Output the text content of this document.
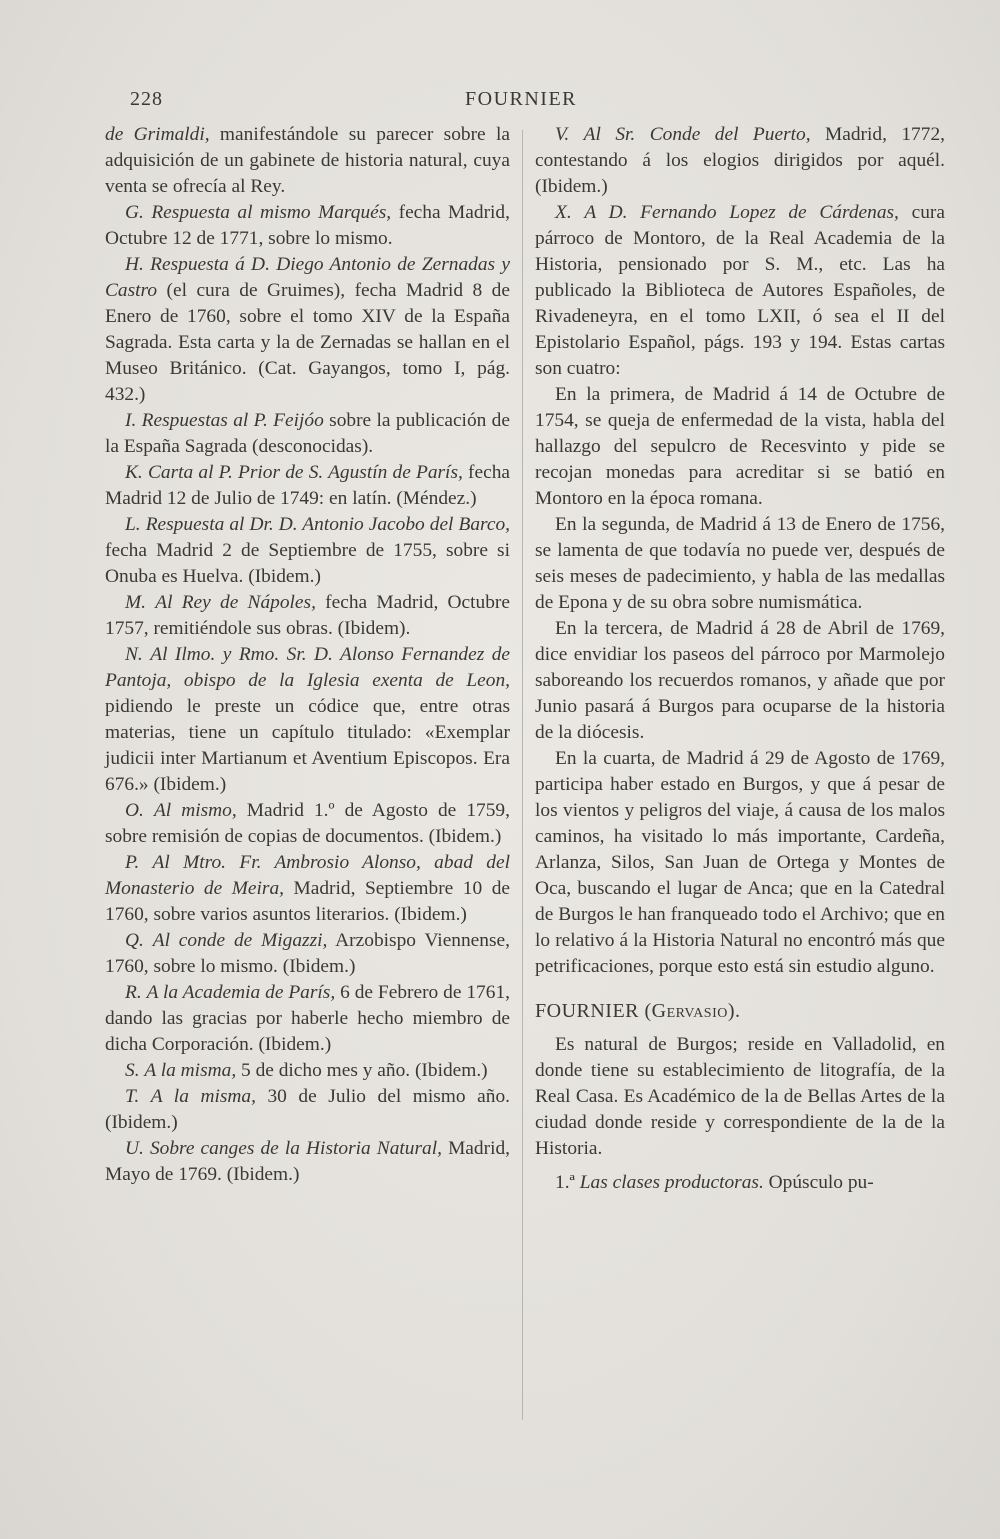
228	FOURNIER

de Grimaldi, manifestándole su parecer sobre la adquisición de un gabinete de historia natural, cuya venta se ofrecía al Rey.

G. Respuesta al mismo Marqués, fecha Madrid, Octubre 12 de 1771, sobre lo mismo.

H. Respuesta á D. Diego Antonio de Zernadas y Castro (el cura de Gruimes), fecha Madrid 8 de Enero de 1760, sobre el tomo XIV de la España Sagrada. Esta carta y la de Zernadas se hallan en el Museo Británico. (Cat. Gayangos, tomo I, pág. 432.)

I. Respuestas al P. Feijóo sobre la publicación de la España Sagrada (desconocidas).

K. Carta al P. Prior de S. Agustín de París, fecha Madrid 12 de Julio de 1749: en latín. (Méndez.)

L. Respuesta al Dr. D. Antonio Jacobo del Barco, fecha Madrid 2 de Septiembre de 1755, sobre si Onuba es Huelva. (Ibidem.)

M. Al Rey de Nápoles, fecha Madrid, Octubre 1757, remitiéndole sus obras. (Ibidem).

N. Al Ilmo. y Rmo. Sr. D. Alonso Fernandez de Pantoja, obispo de la Iglesia exenta de Leon, pidiendo le preste un códice que, entre otras materias, tiene un capítulo titulado: «Exemplar judicii inter Martianum et Aventium Episcopos. Era 676.» (Ibidem.)

O. Al mismo, Madrid 1.º de Agosto de 1759, sobre remisión de copias de documentos. (Ibidem.)

P. Al Mtro. Fr. Ambrosio Alonso, abad del Monasterio de Meira, Madrid, Septiembre 10 de 1760, sobre varios asuntos literarios. (Ibidem.)

Q. Al conde de Migazzi, Arzobispo Viennense, 1760, sobre lo mismo. (Ibidem.)

R. A la Academia de París, 6 de Febrero de 1761, dando las gracias por haberle hecho miembro de dicha Corporación. (Ibidem.)

S. A la misma, 5 de dicho mes y año. (Ibidem.)

T. A la misma, 30 de Julio del mismo año. (Ibidem.)

U. Sobre canges de la Historia Natural, Madrid, Mayo de 1769. (Ibidem.)

V. Al Sr. Conde del Puerto, Madrid, 1772, contestando á los elogios dirigidos por aquél. (Ibidem.)

X. A D. Fernando Lopez de Cárdenas, cura párroco de Montoro, de la Real Academia de la Historia, pensionado por S. M., etc. Las ha publicado la Biblioteca de Autores Españoles, de Rivadeneyra, en el tomo LXII, ó sea el II del Epistolario Español, págs. 193 y 194. Estas cartas son cuatro:

En la primera, de Madrid á 14 de Octubre de 1754, se queja de enfermedad de la vista, habla del hallazgo del sepulcro de Recesvinto y pide se recojan monedas para acreditar si se batió en Montoro en la época romana.

En la segunda, de Madrid á 13 de Enero de 1756, se lamenta de que todavía no puede ver, después de seis meses de padecimiento, y habla de las medallas de Epona y de su obra sobre numismática.

En la tercera, de Madrid á 28 de Abril de 1769, dice envidiar los paseos del párroco por Marmolejo saboreando los recuerdos romanos, y añade que por Junio pasará á Burgos para ocuparse de la historia de la diócesis.

En la cuarta, de Madrid á 29 de Agosto de 1769, participa haber estado en Burgos, y que á pesar de los vientos y peligros del viaje, á causa de los malos caminos, ha visitado lo más importante, Cardeña, Arlanza, Silos, San Juan de Ortega y Montes de Oca, buscando el lugar de Anca; que en la Catedral de Burgos le han franqueado todo el Archivo; que en lo relativo á la Historia Natural no encontró más que petrificaciones, porque esto está sin estudio alguno.

FOURNIER (Gervasio).

Es natural de Burgos; reside en Valladolid, en donde tiene su establecimiento de litografía, de la Real Casa. Es Académico de la de Bellas Artes de la ciudad donde reside y correspondiente de la de la Historia.

1.ª Las clases productoras. Opúsculo pu-
